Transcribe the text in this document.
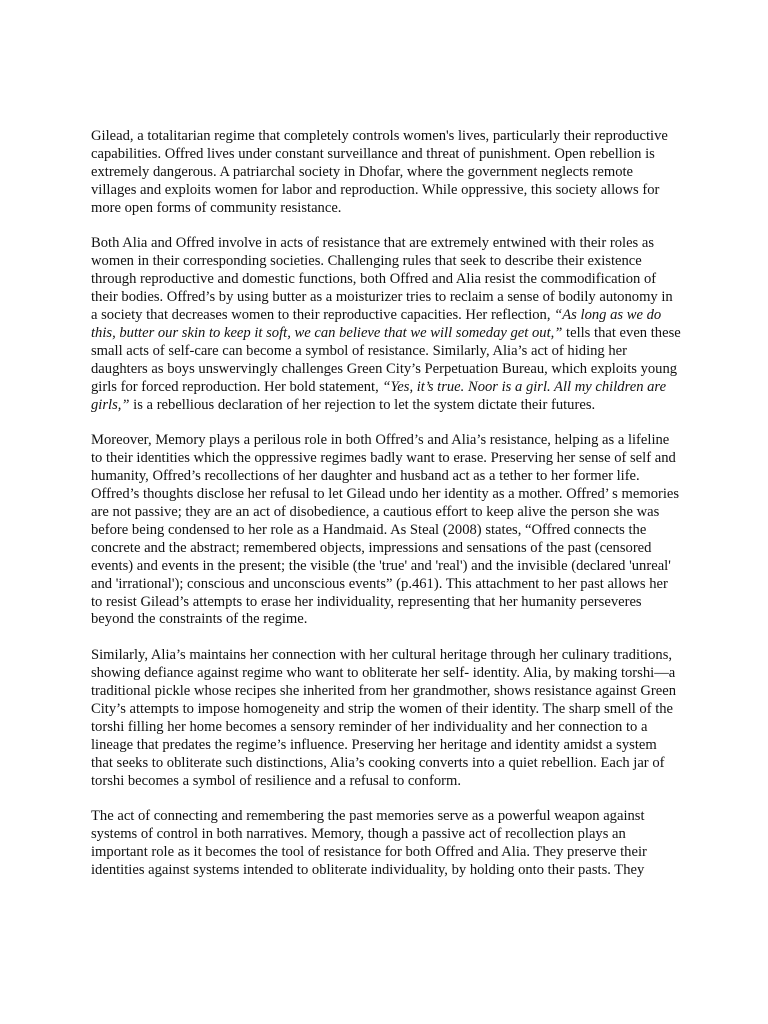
Gilead, a totalitarian regime that completely controls women's lives, particularly their reproductive capabilities. Offred lives under constant surveillance and threat of punishment. Open rebellion is extremely dangerous. A patriarchal society in Dhofar, where the government neglects remote villages and exploits women for labor and reproduction. While oppressive, this society allows for more open forms of community resistance.

Both Alia and Offred involve in acts of resistance that are extremely entwined with their roles as women in their corresponding societies. Challenging rules that seek to describe their existence through reproductive and domestic functions, both Offred and Alia resist the commodification of their bodies. Offred’s by using butter as a moisturizer tries to reclaim a sense of bodily autonomy in a society that decreases women to their reproductive capacities. Her reflection, “As long as we do this, butter our skin to keep it soft, we can believe that we will someday get out,” tells that even these small acts of self-care can become a symbol of resistance. Similarly, Alia’s act of hiding her daughters as boys unswervingly challenges Green City’s Perpetuation Bureau, which exploits young girls for forced reproduction. Her bold statement, “Yes, it’s true. Noor is a girl. All my children are girls,” is a rebellious declaration of her rejection to let the system dictate their futures.

Moreover, Memory plays a perilous role in both Offred’s and Alia’s resistance, helping as a lifeline to their identities which the oppressive regimes badly want to erase. Preserving her sense of self and humanity, Offred’s recollections of her daughter and husband act as a tether to her former life. Offred’s thoughts disclose her refusal to let Gilead undo her identity as a mother. Offred’ s memories are not passive; they are an act of disobedience, a cautious effort to keep alive the person she was before being condensed to her role as a Handmaid. As Steal (2008) states, “Offred connects the concrete and the abstract; remembered objects, impressions and sensations of the past (censored events) and events in the present; the visible (the 'true' and 'real') and the invisible (declared 'unreal' and 'irrational'); conscious and unconscious events” (p.461). This attachment to her past allows her to resist Gilead’s attempts to erase her individuality, representing that her humanity perseveres beyond the constraints of the regime.

Similarly, Alia’s maintains her connection with her cultural heritage through her culinary traditions, showing defiance against regime who want to obliterate her self- identity. Alia, by making torshi—a traditional pickle whose recipes she inherited from her grandmother, shows resistance against Green City’s attempts to impose homogeneity and strip the women of their identity. The sharp smell of the torshi filling her home becomes a sensory reminder of her individuality and her connection to a lineage that predates the regime’s influence. Preserving her heritage and identity amidst a system that seeks to obliterate such distinctions, Alia’s cooking converts into a quiet rebellion. Each jar of torshi becomes a symbol of resilience and a refusal to conform.

The act of connecting and remembering the past memories serve as a powerful weapon against systems of control in both narratives. Memory, though a passive act of recollection plays an important role as it becomes the tool of resistance for both Offred and Alia. They preserve their identities against systems intended to obliterate individuality, by holding onto their pasts. They
